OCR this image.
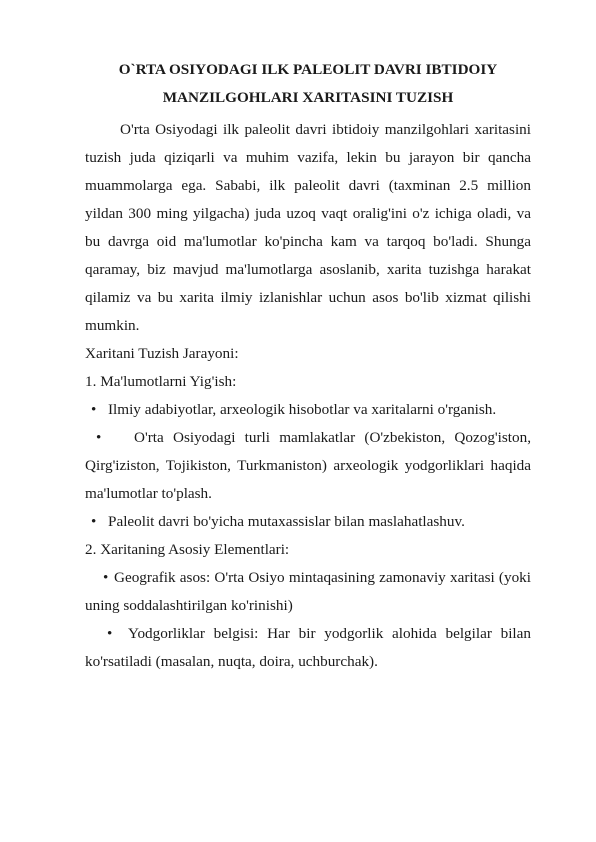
O`RTA OSIYODAGI ILK PALEOLIT DAVRI IBTIDOIY
MANZILGOHLARI XARITASINI TUZISH

O'rta Osiyodagi ilk paleolit davri ibtidoiy manzilgohlari xaritasini tuzish juda qiziqarli va muhim vazifa, lekin bu jarayon bir qancha muammolarga ega. Sababi, ilk paleolit davri (taxminan 2.5 million yildan 300 ming yilgacha) juda uzoq vaqt oralig'ini o'z ichiga oladi, va bu davrga oid ma'lumotlar ko'pincha kam va tarqoq bo'ladi. Shunga qaramay, biz mavjud ma'lumotlarga asoslanib, xarita tuzishga harakat qilamiz va bu xarita ilmiy izlanishlar uchun asos bo'lib xizmat qilishi mumkin.

Xaritani Tuzish Jarayoni:

1. Ma'lumotlarni Yig'ish:

• Ilmiy adabiyotlar, arxeologik hisobotlar va xaritalarni o'rganish.

• O'rta Osiyodagi turli mamlakatlar (O'zbekiston, Qozog'iston, Qirg'iziston, Tojikiston, Turkmaniston) arxeologik yodgorliklari haqida ma'lumotlar to'plash.

• Paleolit davri bo'yicha mutaxassislar bilan maslahatlashuv.

2. Xaritaning Asosiy Elementlari:

• Geografik asos: O'rta Osiyo mintaqasining zamonaviy xaritasi (yoki uning soddalashtirilgan ko'rinishi)

• Yodgorliklar belgisi: Har bir yodgorlik alohida belgilar bilan ko'rsatiladi (masalan, nuqta, doira, uchburchak).
